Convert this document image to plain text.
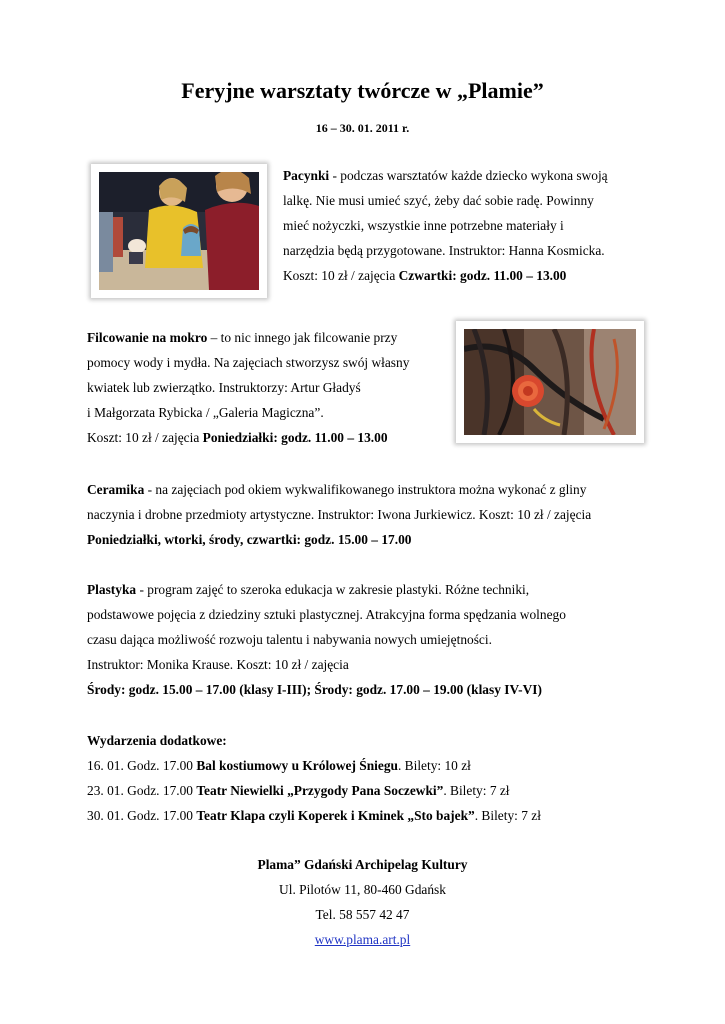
Feryjne warsztaty twórcze w „Plamie”
16 – 30. 01. 2011 r.
Pacynki - podczas warsztatów każde dziecko wykona swoją
lalkę. Nie musi umieć szyć, żeby dać sobie radę. Powinny
mieć nożyczki, wszystkie inne potrzebne materiały i
narzędzia będą przygotowane. Instruktor: Hanna Kosmicka.
Koszt: 10 zł / zajęcia Czwartki: godz. 11.00 – 13.00
Filcowanie na mokro – to nic innego jak filcowanie przy
pomocy wody i mydła. Na zajęciach stworzysz swój własny
kwiatek lub zwierzątko. Instruktorzy: Artur Gładyś
i Małgorzata Rybicka / „Galeria Magiczna”.
Koszt: 10 zł / zajęcia Poniedziałki: godz. 11.00 – 13.00
Ceramika - na zajęciach pod okiem wykwalifikowanego instruktora można wykonać z gliny
naczynia i drobne przedmioty artystyczne. Instruktor: Iwona Jurkiewicz. Koszt: 10 zł / zajęcia
Poniedziałki, wtorki, środy, czwartki: godz. 15.00 – 17.00
Plastyka - program zajęć to szeroka edukacja w zakresie plastyki. Różne techniki,
podstawowe pojęcia z dziedziny sztuki plastycznej. Atrakcyjna forma spędzania wolnego
czasu dająca możliwość rozwoju talentu i nabywania nowych umiejętności.
Instruktor: Monika Krause. Koszt: 10 zł / zajęcia
Środy: godz. 15.00 – 17.00 (klasy I-III); Środy: godz. 17.00 – 19.00 (klasy IV-VI)
Wydarzenia dodatkowe:
16. 01. Godz. 17.00 Bal kostiumowy u Królowej Śniegu. Bilety: 10 zł
23. 01. Godz. 17.00 Teatr Niewielki „Przygody Pana Soczewki”. Bilety: 7 zł
30. 01. Godz. 17.00 Teatr Klapa czyli Koperek i Kminek „Sto bajek”. Bilety: 7 zł
Plama” Gdański Archipelag Kultury
Ul. Pilotów 11, 80-460 Gdańsk
Tel. 58 557 42 47
www.plama.art.pl
